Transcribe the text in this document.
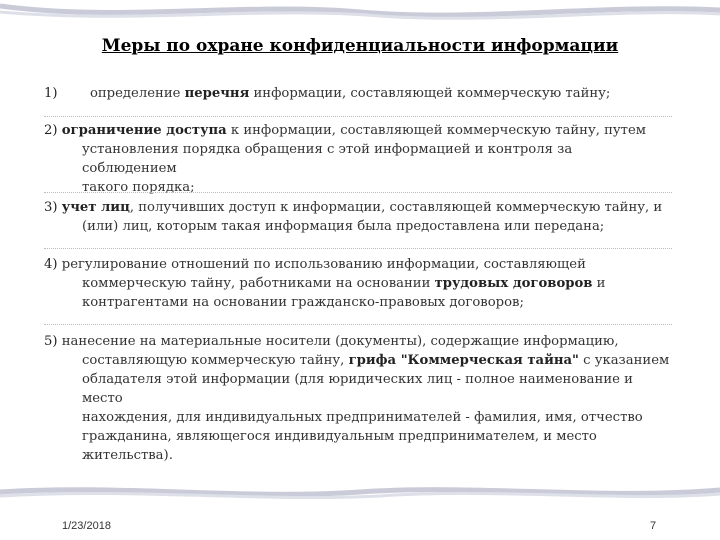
Меры по охране конфиденциальности информации
1) определение перечня информации, составляющей коммерческую тайну;
2) ограничение доступа к информации, составляющей коммерческую тайну, путем
установления порядка обращения с этой информацией и контроля за соблюдением
такого порядка;
3) учет лиц, получивших доступ к информации, составляющей коммерческую тайну, и
(или) лиц, которым такая информация была предоставлена или передана;
4) регулирование отношений по использованию информации, составляющей
коммерческую тайну, работниками на основании трудовых договоров и
контрагентами на основании гражданско-правовых договоров;
5) нанесение на материальные носители (документы), содержащие информацию,
составляющую коммерческую тайну, грифа "Коммерческая тайна" с указанием
обладателя этой информации (для юридических лиц - полное наименование и место
нахождения, для индивидуальных предпринимателей - фамилия, имя, отчество
гражданина, являющегося индивидуальным предпринимателем, и место жительства).
1/23/2018	7
